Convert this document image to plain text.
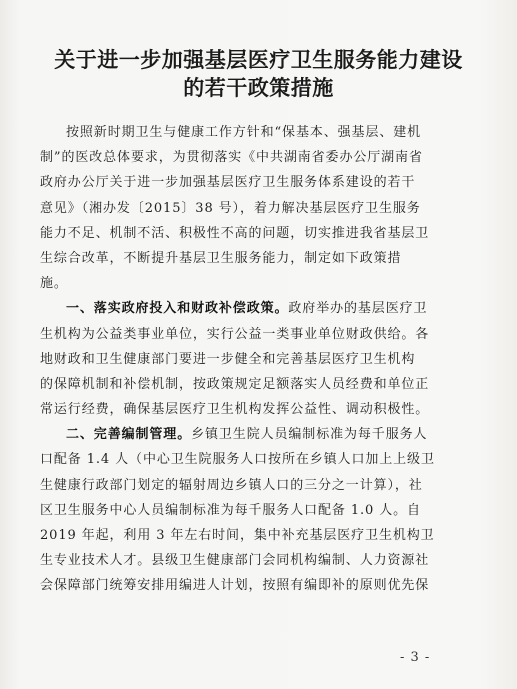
关于进一步加强基层医疗卫生服务能力建设
的若干政策措施
按照新时期卫生与健康工作方针和“保基本、强基层、建机
制”的医改总体要求，为贯彻落实《中共湖南省委办公厅湖南省
政府办公厅关于进一步加强基层医疗卫生服务体系建设的若干
意见》（湘办发〔2015〕38 号），着力解决基层医疗卫生服务
能力不足、机制不活、积极性不高的问题，切实推进我省基层卫
生综合改革，不断提升基层卫生服务能力，制定如下政策措
施。
一、落实政府投入和财政补偿政策。政府举办的基层医疗卫
生机构为公益类事业单位，实行公益一类事业单位财政供给。各
地财政和卫生健康部门要进一步健全和完善基层医疗卫生机构
的保障机制和补偿机制，按政策规定足额落实人员经费和单位正
常运行经费，确保基层医疗卫生机构发挥公益性、调动积极性。
二、完善编制管理。乡镇卫生院人员编制标准为每千服务人
口配备 1.4 人（中心卫生院服务人口按所在乡镇人口加上上级卫
生健康行政部门划定的辐射周边乡镇人口的三分之一计算），社
区卫生服务中心人员编制标准为每千服务人口配备 1.0 人。自
2019 年起，利用 3 年左右时间，集中补充基层医疗卫生机构卫
生专业技术人才。县级卫生健康部门会同机构编制、人力资源社
会保障部门统筹安排用编进人计划，按照有编即补的原则优先保
- 3 -
